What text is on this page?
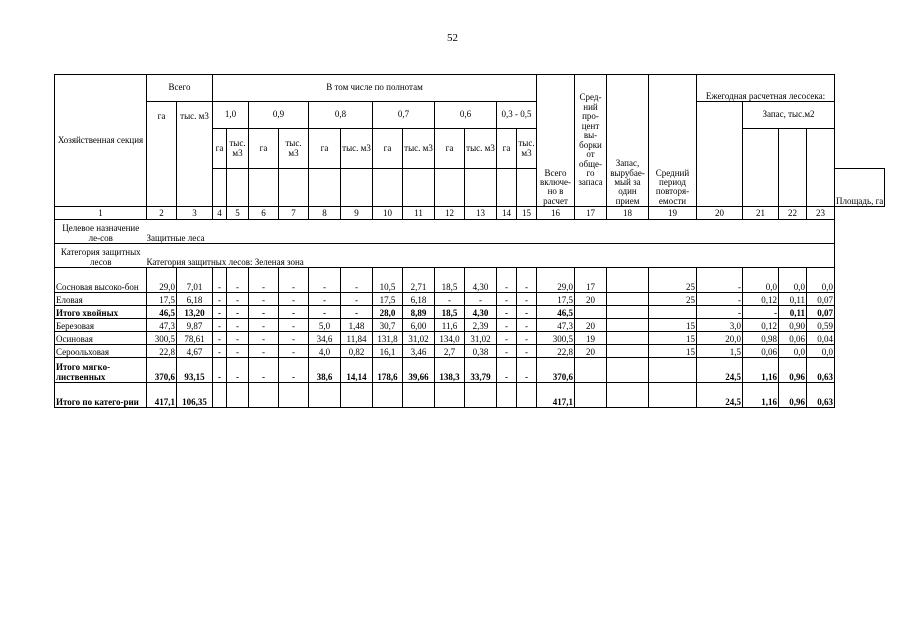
52
Хозяйственная секция	Всего		В том числе по полнотам													Сред-ний про-цент вы-борки от обще-го запаса	Запас, вырубае-мый за один прием	Средний период повторя-емости	Ежегодная расчетная лесосека:				
	га	тыс. м3	1,0		0,9		0,8		0,7		0,6		0,3 - 0,5							Запас, тыс.м2			
			га	тыс. м3	га	тыс. м3	га	тыс. м3	га	тыс. м3	га	тыс. м3	га	тыс. м3									
															Всего включе-но в расчет								Площадь, га
1	2	3	4	5	6	7	8	9	10	11	12	13	14	15	16	17	18	19	20	21	22	23	
Целевое назначение ле-сов	Защитные леса																						
Категория защитных лесов	Категория защитных лесов: Зеленая зона																						
Сосновая высоко-бон	29,0	7,01	-	-	-	-	-	-	10,5	2,71	18,5	4,30	-	-	29,0	17		25	-	0,0	0,0	0,0	
Еловая	17,5	6,18	-	-	-	-	-	-	17,5	6,18	-	-	-	-	17,5	20		25	-	0,12	0,11	0,07	
Итого хвойных	46,5	13,20	-	-	-	-	-	-	28,0	8,89	18,5	4,30	-	-	46,5				-	-	0,11	0,07	
Березовая	47,3	9,87	-	-	-	-	5,0	1,48	30,7	6,00	11,6	2,39	-	-	47,3	20		15	3,0	0,12	0,90	0,59	
Осиновая	300,5	78,61	-	-	-	-	34,6	11,84	131,8	31,02	134,0	31,02	-	-	300,5	19		15	20,0	0,98	0,06	0,04	
Сероольховая	22,8	4,67	-	-	-	-	4,0	0,82	16,1	3,46	2,7	0,38	-	-	22,8	20		15	1,5	0,06	0,0	0,0	
Итого мягко-лиственных	370,6	93,15	-	-	-	-	38,6	14,14	178,6	39,66	138,3	33,79	-	-	370,6				24,5	1,16	0,96	0,63	
Итого по катего-рии	417,1	106,35													417,1				24,5	1,16	0,96	0,63	
